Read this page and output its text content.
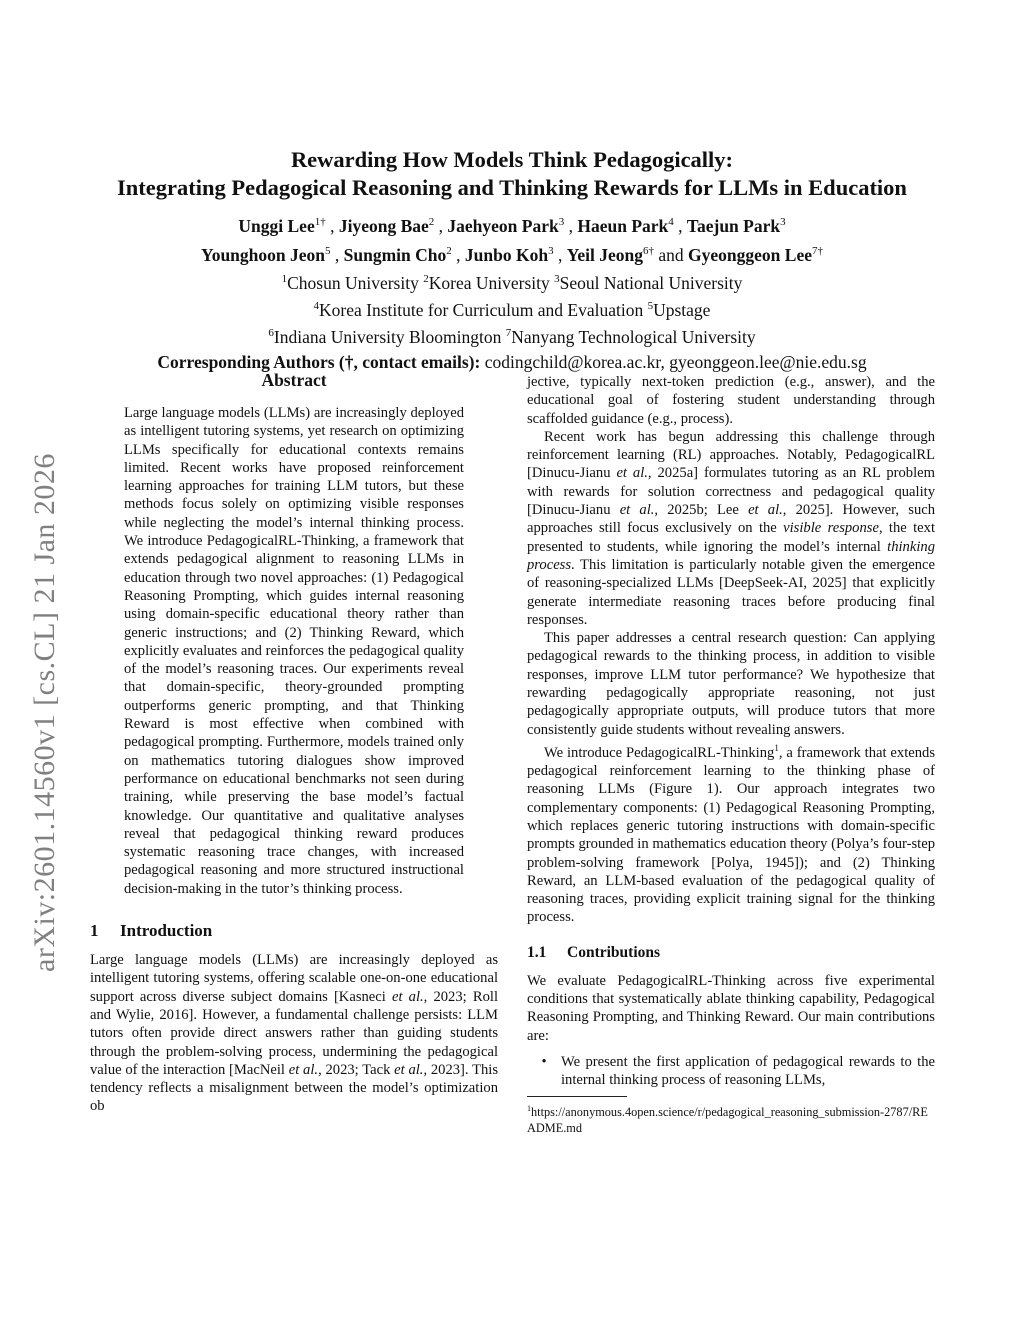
arXiv:2601.14560v1 [cs.CL] 21 Jan 2026

Rewarding How Models Think Pedagogically:

Integrating Pedagogical Reasoning and Thinking Rewards for LLMs in Education

Unggi Lee$^{1\dagger}$ , Jiyeong Bae$^2$ , Jaehyeon Park$^3$ , Haeun Park$^4$ , Taejun Park$^3$
Younghoon Jeon$^5$ , Sungmin Cho$^2$ , Junbo Koh$^3$ , Yeil Jeong$^{6\dagger}$ and Gyeonggeon Lee$^{7\dagger}$
$^1$Chosun University $^2$Korea University $^3$Seoul National University
$^4$Korea Institute for Curriculum and Evaluation $^5$Upstage
$^6$Indiana University Bloomington $^7$Nanyang Technological University
Corresponding Authors (†, contact emails): codingchild@korea.ac.kr, gyeonggeon.lee@nie.edu.sg

Abstract

Large language models (LLMs) are increasingly deployed as intelligent tutoring systems, yet research on optimizing LLMs specifically for educational contexts remains limited. Recent works have proposed reinforcement learning approaches for training LLM tutors, but these methods focus solely on optimizing visible responses while neglecting the model’s internal thinking process. We introduce PedagogicalRL-Thinking, a framework that extends pedagogical alignment to reasoning LLMs in education through two novel approaches: (1) Pedagogical Reasoning Prompting, which guides internal reasoning using domain-specific educational theory rather than generic instructions; and (2) Thinking Reward, which explicitly evaluates and reinforces the pedagogical quality of the model’s reasoning traces. Our experiments reveal that domain-specific, theory-grounded prompting outperforms generic prompting, and that Thinking Reward is most effective when combined with pedagogical prompting. Furthermore, models trained only on mathematics tutoring dialogues show improved performance on educational benchmarks not seen during training, while preserving the base model’s factual knowledge. Our quantitative and qualitative analyses reveal that pedagogical thinking reward produces systematic reasoning trace changes, with increased pedagogical reasoning and more structured instructional decision-making in the tutor’s thinking process.

1 Introduction

Large language models (LLMs) are increasingly deployed as intelligent tutoring systems, offering scalable one-on-one educational support across diverse subject domains [Kasneci et al., 2023; Roll and Wylie, 2016]. However, a fundamental challenge persists: LLM tutors often provide direct answers rather than guiding students through the problem-solving process, undermining the pedagogical value of the interaction [MacNeil et al., 2023; Tack et al., 2023]. This tendency reflects a misalignment between the model’s optimization ob

jective, typically next-token prediction (e.g., answer), and the educational goal of fostering student understanding through scaffolded guidance (e.g., process).

Recent work has begun addressing this challenge through reinforcement learning (RL) approaches. Notably, PedagogicalRL [Dinucu-Jianu et al., 2025a] formulates tutoring as an RL problem with rewards for solution correctness and pedagogical quality [Dinucu-Jianu et al., 2025b; Lee et al., 2025]. However, such approaches still focus exclusively on the visible response, the text presented to students, while ignoring the model’s internal thinking process. This limitation is particularly notable given the emergence of reasoning-specialized LLMs [DeepSeek-AI, 2025] that explicitly generate intermediate reasoning traces before producing final responses.

This paper addresses a central research question: Can applying pedagogical rewards to the thinking process, in addition to visible responses, improve LLM tutor performance? We hypothesize that rewarding pedagogically appropriate reasoning, not just pedagogically appropriate outputs, will produce tutors that more consistently guide students without revealing answers.

We introduce PedagogicalRL-Thinking$^1$, a framework that extends pedagogical reinforcement learning to the thinking phase of reasoning LLMs (Figure 1). Our approach integrates two complementary components: (1) Pedagogical Reasoning Prompting, which replaces generic tutoring instructions with domain-specific prompts grounded in mathematics education theory (Polya’s four-step problem-solving framework [Polya, 1945]); and (2) Thinking Reward, an LLM-based evaluation of the pedagogical quality of reasoning traces, providing explicit training signal for the thinking process.

1.1 Contributions

We evaluate PedagogicalRL-Thinking across five experimental conditions that systematically ablate thinking capability, Pedagogical Reasoning Prompting, and Thinking Reward. Our main contributions are:

• We present the first application of pedagogical rewards to the internal thinking process of reasoning LLMs,
$^1$https://anonymous.4open.science/r/pedagogical_reasoning_submission-2787/README.md
